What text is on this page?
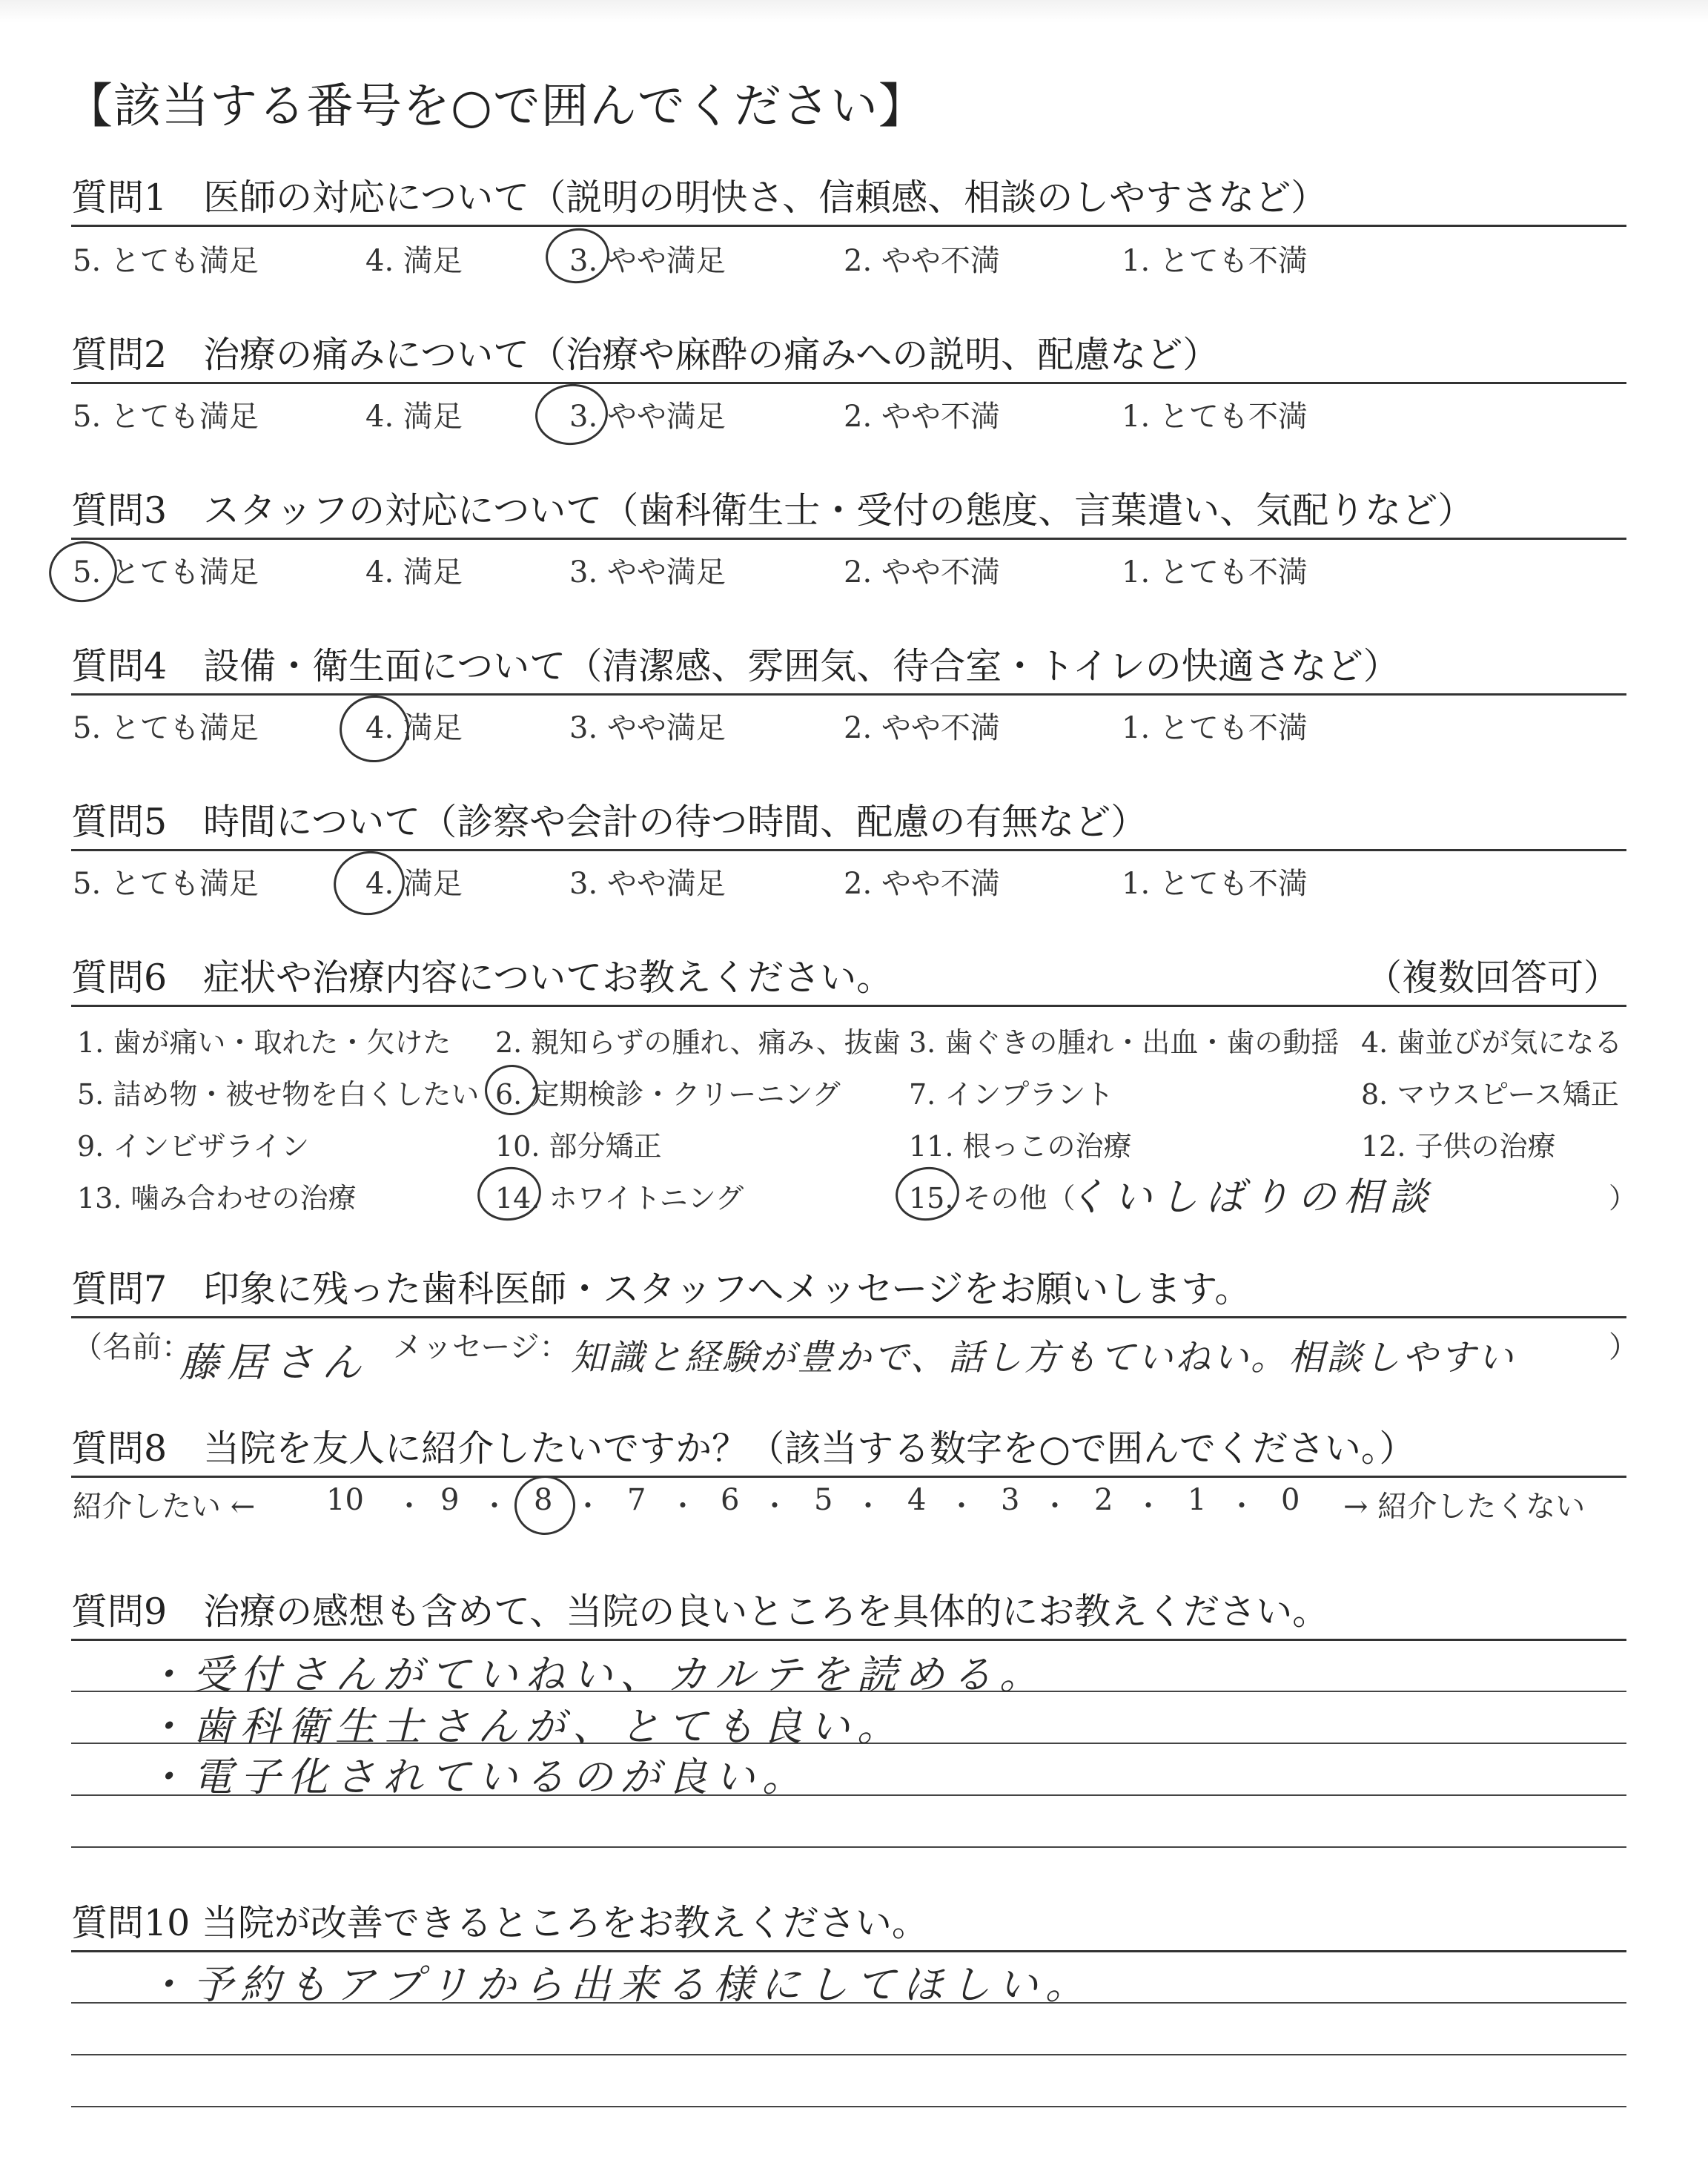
【該当する番号を○で囲んでください】
質問1　医師の対応について（説明の明快さ、信頼感、相談のしやすさなど）
5. とても満足	4. 満足	3. やや満足	2. やや不満	1. とても不満
質問2　治療の痛みについて（治療や麻酔の痛みへの説明、配慮など）
5. とても満足	4. 満足	3. やや満足	2. やや不満	1. とても不満
質問3　スタッフの対応について（歯科衛生士・受付の態度、言葉遣い、気配りなど）
5. とても満足	4. 満足	3. やや満足	2. やや不満	1. とても不満
質問4　設備・衛生面について（清潔感、雰囲気、待合室・トイレの快適さなど）
5. とても満足	4. 満足	3. やや満足	2. やや不満	1. とても不満
質問5　時間について（診察や会計の待つ時間、配慮の有無など）
5. とても満足	4. 満足	3. やや満足	2. やや不満	1. とても不満
質問6　症状や治療内容についてお教えください。	（複数回答可）
1. 歯が痛い・取れた・欠けた 2. 親知らずの腫れ、痛み、抜歯 3. 歯ぐきの腫れ・出血・歯の動揺 4. 歯並びが気になる
5. 詰め物・被せ物を白くしたい 6. 定期検診・クリーニング 7. インプラント	8. マウスピース矯正
9. インビザライン	10. 部分矯正	11. 根っこの治療	12. 子供の治療
13. 噛み合わせの治療	14. ホワイトニング	15. その他（
くいしばりの相談	）
質問7　印象に残った歯科医師・スタッフへメッセージをお願いします。
（名前：
藤居さん メッセージ： 知識と経験が豊かで、話し方もていねい。相談しやすい	）
質問8　当院を友人に紹介したいですか？（該当する数字を○で囲んでください。）
紹介したい ← 10 ・ 9 ・ 8 ・ 7 ・ 6 ・ 5 ・ 4 ・ 3 ・ 2 ・ 1 ・ 0 → 紹介したくない
質問9　治療の感想も含めて、当院の良いところを具体的にお教えください。
・受付さんがていねい、カルテを読める。
・歯科衛生士さんが、とても良い。
・電子化されているのが良い。
質問10 当院が改善できるところをお教えください。
・予約もアプリから出来る様にしてほしい。
